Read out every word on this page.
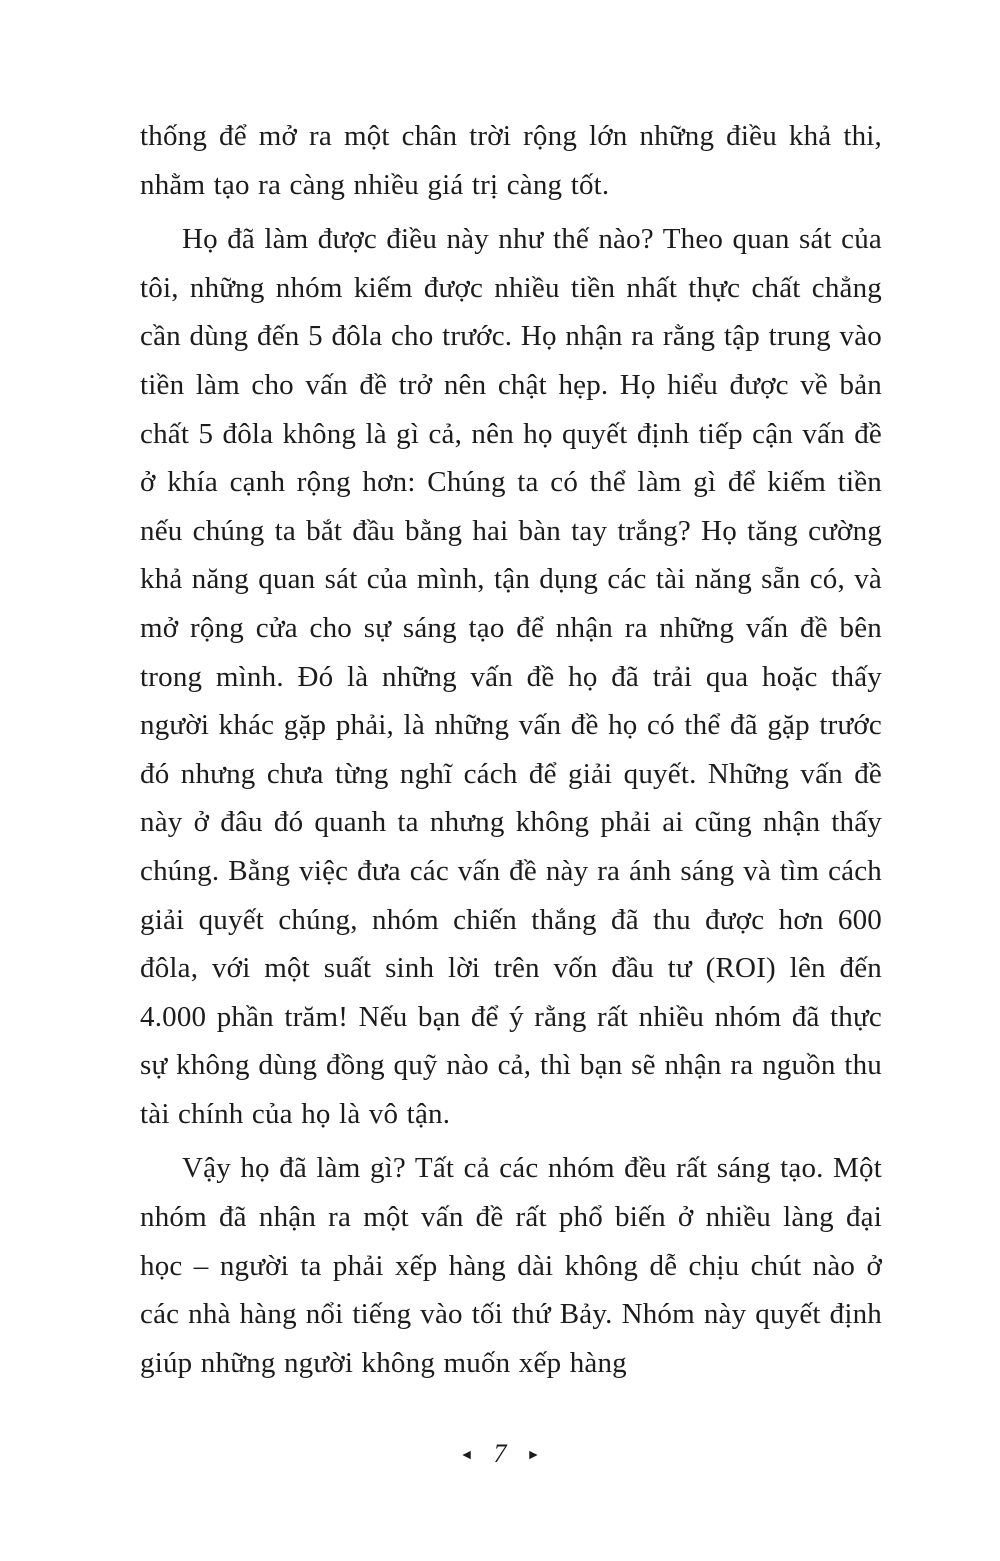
thống để mở ra một chân trời rộng lớn những điều khả thi, nhằm tạo ra càng nhiều giá trị càng tốt.

Họ đã làm được điều này như thế nào? Theo quan sát của tôi, những nhóm kiếm được nhiều tiền nhất thực chất chẳng cần dùng đến 5 đôla cho trước. Họ nhận ra rằng tập trung vào tiền làm cho vấn đề trở nên chật hẹp. Họ hiểu được về bản chất 5 đôla không là gì cả, nên họ quyết định tiếp cận vấn đề ở khía cạnh rộng hơn: Chúng ta có thể làm gì để kiếm tiền nếu chúng ta bắt đầu bằng hai bàn tay trắng? Họ tăng cường khả năng quan sát của mình, tận dụng các tài năng sẵn có, và mở rộng cửa cho sự sáng tạo để nhận ra những vấn đề bên trong mình. Đó là những vấn đề họ đã trải qua hoặc thấy người khác gặp phải, là những vấn đề họ có thể đã gặp trước đó nhưng chưa từng nghĩ cách để giải quyết. Những vấn đề này ở đâu đó quanh ta nhưng không phải ai cũng nhận thấy chúng. Bằng việc đưa các vấn đề này ra ánh sáng và tìm cách giải quyết chúng, nhóm chiến thắng đã thu được hơn 600 đôla, với một suất sinh lời trên vốn đầu tư (ROI) lên đến 4.000 phần trăm! Nếu bạn để ý rằng rất nhiều nhóm đã thực sự không dùng đồng quỹ nào cả, thì bạn sẽ nhận ra nguồn thu tài chính của họ là vô tận.

Vậy họ đã làm gì? Tất cả các nhóm đều rất sáng tạo. Một nhóm đã nhận ra một vấn đề rất phổ biến ở nhiều làng đại học – người ta phải xếp hàng dài không dễ chịu chút nào ở các nhà hàng nổi tiếng vào tối thứ Bảy. Nhóm này quyết định giúp những người không muốn xếp hàng

◄ 7 ►
